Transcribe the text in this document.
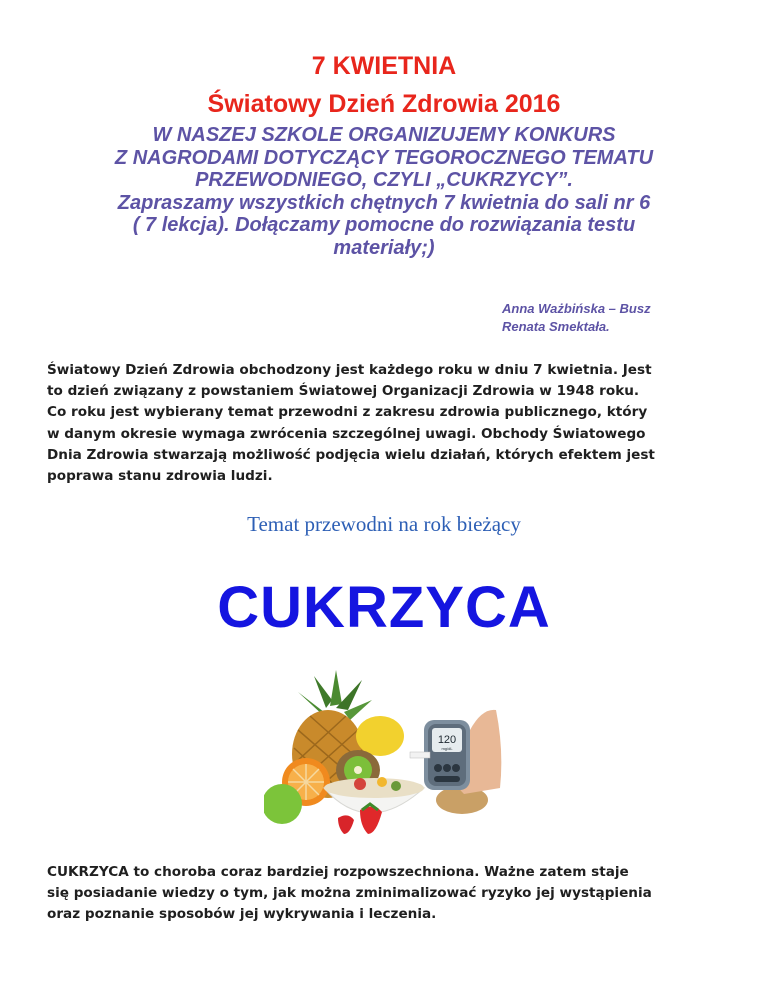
7 KWIETNIA
Światowy Dzień Zdrowia 2016
W NASZEJ SZKOLE ORGANIZUJEMY KONKURS
Z NAGRODAMI DOTYCZĄCY TEGOROCZNEGO TEMATU
PRZEWODNIEGO, CZYLI „CUKRZYCY”.
Zapraszamy wszystkich chętnych 7 kwietnia do sali nr 6
( 7 lekcja). Dołączamy pomocne do rozwiązania testu
materiały;)
Anna Ważbińska – Busz
Renata Smektała.
Światowy Dzień Zdrowia obchodzony jest każdego roku w dniu 7 kwietnia. Jest
to dzień związany z powstaniem Światowej Organizacji Zdrowia w 1948 roku.
Co roku jest wybierany temat przewodni z zakresu zdrowia publicznego, który
w danym okresie wymaga zwrócenia szczególnej uwagi. Obchody Światowego
Dnia Zdrowia stwarzają możliwość podjęcia wielu działań, których efektem jest
poprawa stanu zdrowia ludzi.
Temat przewodni na rok bieżący
CUKRZYCA
120
mg/dL
CUKRZYCA to choroba coraz bardziej rozpowszechniona. Ważne zatem staje
się posiadanie wiedzy o tym, jak można zminimalizować ryzyko jej wystąpienia
oraz poznanie sposobów jej wykrywania i leczenia.
